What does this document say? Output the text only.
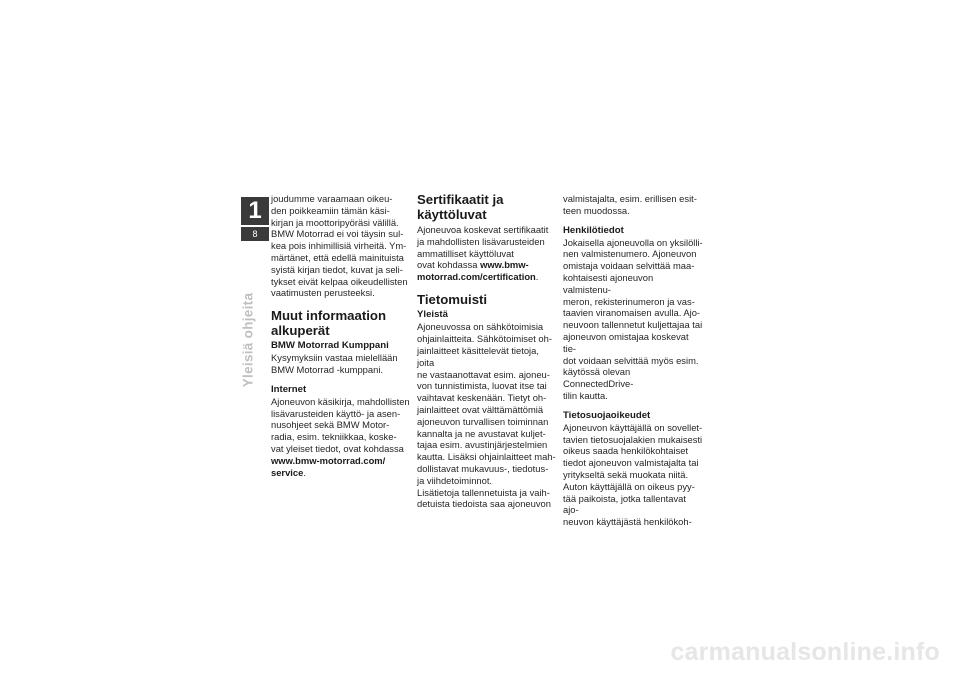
1
8
Yleisiä ohjeita

joudumme varaamaan oikeu-
den poikkeamiin tämän käsi-
kirjan ja moottoripyöräsi välillä.
BMW Motorrad ei voi täysin sul-
kea pois inhimillisiä virheitä. Ym-
märtänet, että edellä mainituista
syistä kirjan tiedot, kuvat ja seli-
tykset eivät kelpaa oikeudellisten
vaatimusten perusteeksi.

Muut informaation
alkuperät
BMW Motorrad Kumppani

Kysymyksiin vastaa mielellään
BMW Motorrad -kumppani.

Internet

Ajoneuvon käsikirja, mahdollisten
lisävarusteiden käyttö- ja asen-
nusohjeet sekä BMW Motor-
radia, esim. tekniikkaa, koske-
vat yleiset tiedot, ovat kohdassa
www.bmw-motorrad.com/
service.

Sertifikaatit ja
käyttöluvat

Ajoneuvoa koskevat sertifikaatit
ja mahdollisten lisävarusteiden
ammatilliset käyttöluvat
ovat kohdassa www.bmw-
motorrad.com/certification.

Tietomuisti
Yleistä

Ajoneuvossa on sähkötoimisia
ohjainlaitteita. Sähkötoimiset oh-
jainlaitteet käsittelevät tietoja, joita
ne vastaanottavat esim. ajoneu-
von tunnistimista, luovat itse tai
vaihtavat keskenään. Tietyt oh-
jainlaitteet ovat välttämättömiä
ajoneuvon turvallisen toiminnan
kannalta ja ne avustavat kuljet-
tajaa esim. avustinjärjestelmien
kautta. Lisäksi ohjainlaitteet mah-
dollistavat mukavuus-, tiedotus-
ja viihdetoiminnot.
Lisätietoja tallennetuista ja vaih-
detuista tiedoista saa ajoneuvon

valmistajalta, esim. erillisen esit-
teen muodossa.

Henkilötiedot

Jokaisella ajoneuvolla on yksilölli-
nen valmistenumero. Ajoneuvon
omistaja voidaan selvittää maa-
kohtaisesti ajoneuvon valmistenu-
meron, rekisterinumeron ja vas-
taavien viranomaisen avulla. Ajo-
neuvoon tallennetut kuljettajaa tai
ajoneuvon omistajaa koskevat tie-
dot voidaan selvittää myös esim.
käytössä olevan ConnectedDrive-
tilin kautta.

Tietosuojaoikeudet

Ajoneuvon käyttäjällä on sovellet-
tavien tietosuojalakien mukaisesti
oikeus saada henkilökohtaiset
tiedot ajoneuvon valmistajalta tai
yritykseltä sekä muokata niitä.
Auton käyttäjällä on oikeus pyy-
tää paikoista, jotka tallentavat ajo-
neuvon käyttäjästä henkilökoh-

carmanualsonline.info
